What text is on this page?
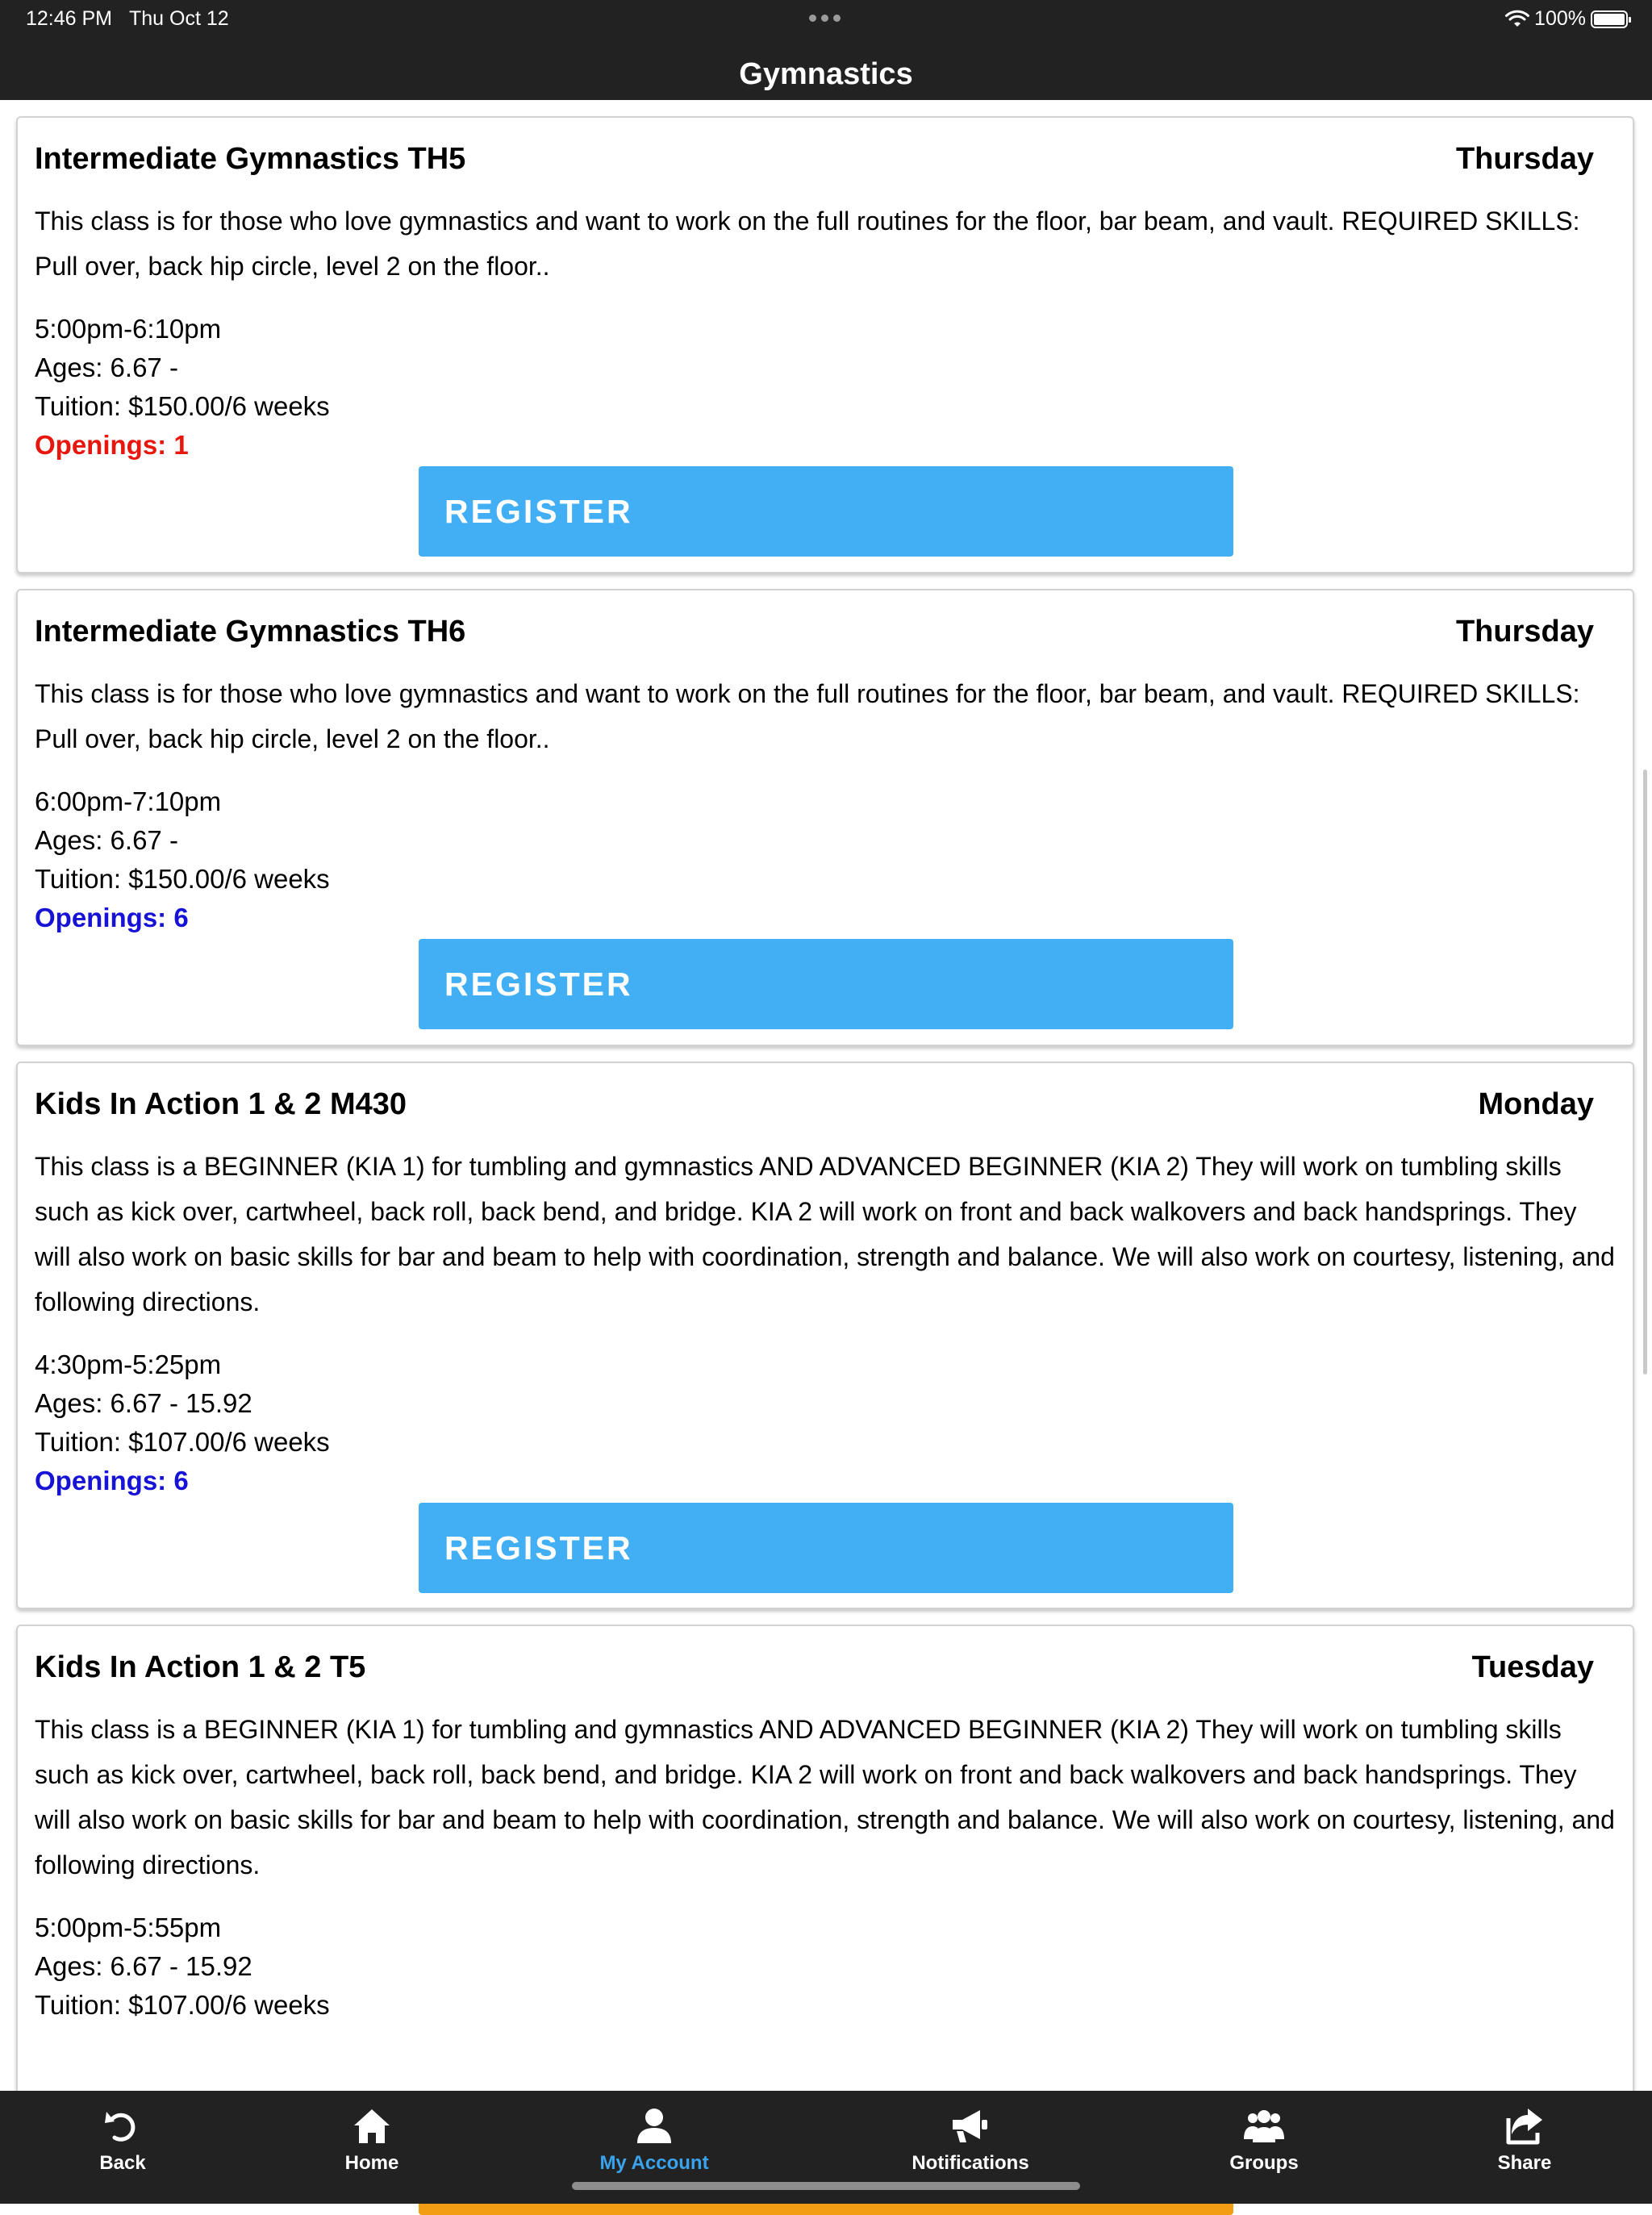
12:46 PM Thu Oct 12	100%
Gymnastics
Intermediate Gymnastics TH5	Thursday
This class is for those who love gymnastics and want to work on the full routines for the floor, bar beam, and vault. REQUIRED SKILLS: Pull over, back hip circle, level 2 on the floor..
5:00pm-6:10pm
Ages: 6.67 -
Tuition: $150.00/6 weeks
Openings: 1
REGISTER
Intermediate Gymnastics TH6	Thursday
This class is for those who love gymnastics and want to work on the full routines for the floor, bar beam, and vault. REQUIRED SKILLS: Pull over, back hip circle, level 2 on the floor..
6:00pm-7:10pm
Ages: 6.67 -
Tuition: $150.00/6 weeks
Openings: 6
REGISTER
Kids In Action 1 & 2 M430	Monday
This class is a BEGINNER (KIA 1) for tumbling and gymnastics AND ADVANCED BEGINNER (KIA 2) They will work on tumbling skills such as kick over, cartwheel, back roll, back bend, and bridge. KIA 2 will work on front and back walkovers and back handsprings. They will also work on basic skills for bar and beam to help with coordination, strength and balance. We will also work on courtesy, listening, and following directions.
4:30pm-5:25pm
Ages: 6.67 - 15.92
Tuition: $107.00/6 weeks
Openings: 6
REGISTER
Kids In Action 1 & 2 T5	Tuesday
This class is a BEGINNER (KIA 1) for tumbling and gymnastics AND ADVANCED BEGINNER (KIA 2) They will work on tumbling skills such as kick over, cartwheel, back roll, back bend, and bridge. KIA 2 will work on front and back walkovers and back handsprings. They will also work on basic skills for bar and beam to help with coordination, strength and balance. We will also work on courtesy, listening, and following directions.
5:00pm-5:55pm
Ages: 6.67 - 15.92
Tuition: $107.00/6 weeks
Back	Home	My Account	Notifications	Groups	Share
